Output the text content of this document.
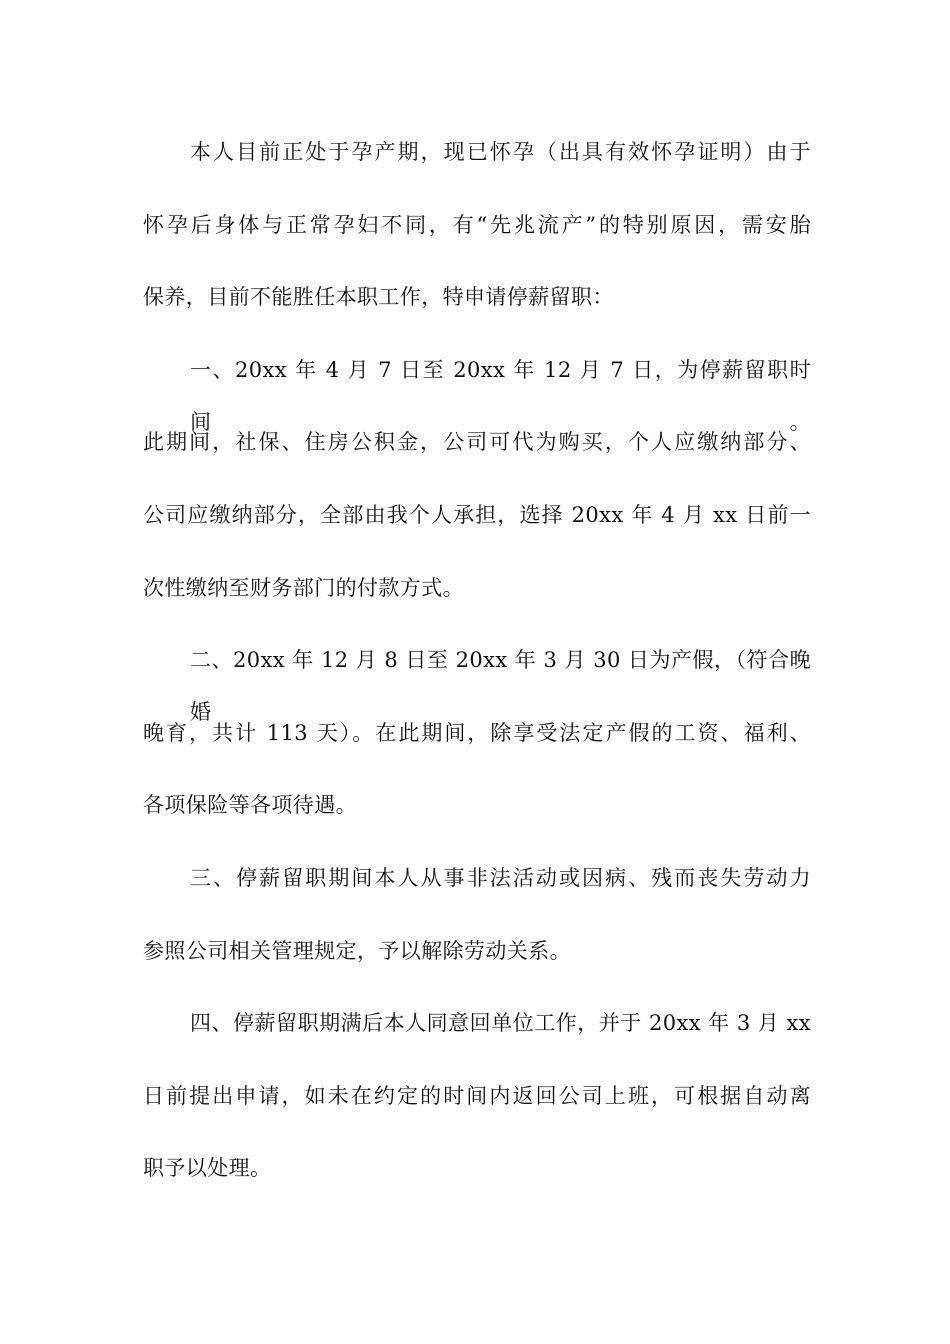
本人目前正处于孕产期，现已怀孕（出具有效怀孕证明）由于
怀孕后身体与正常孕妇不同，有“先兆流产”的特别原因，需安胎
保养，目前不能胜任本职工作，特申请停薪留职：
一、20xx 年 4 月 7 日至 20xx 年 12 月 7 日，为停薪留职时间。
此期间，社保、住房公积金，公司可代为购买，个人应缴纳部分、
公司应缴纳部分，全部由我个人承担，选择 20xx 年 4 月 xx 日前一
次性缴纳至财务部门的付款方式。
二、20xx 年 12 月 8 日至 20xx 年 3 月 30 日为产假，（符合晚婚
晚育，共计 113 天）。在此期间，除享受法定产假的工资、福利、
各项保险等各项待遇。
三、停薪留职期间本人从事非法活动或因病、残而丧失劳动力
参照公司相关管理规定，予以解除劳动关系。
四、停薪留职期满后本人同意回单位工作，并于 20xx 年 3 月 xx
日前提出申请，如未在约定的时间内返回公司上班，可根据自动离
职予以处理。
